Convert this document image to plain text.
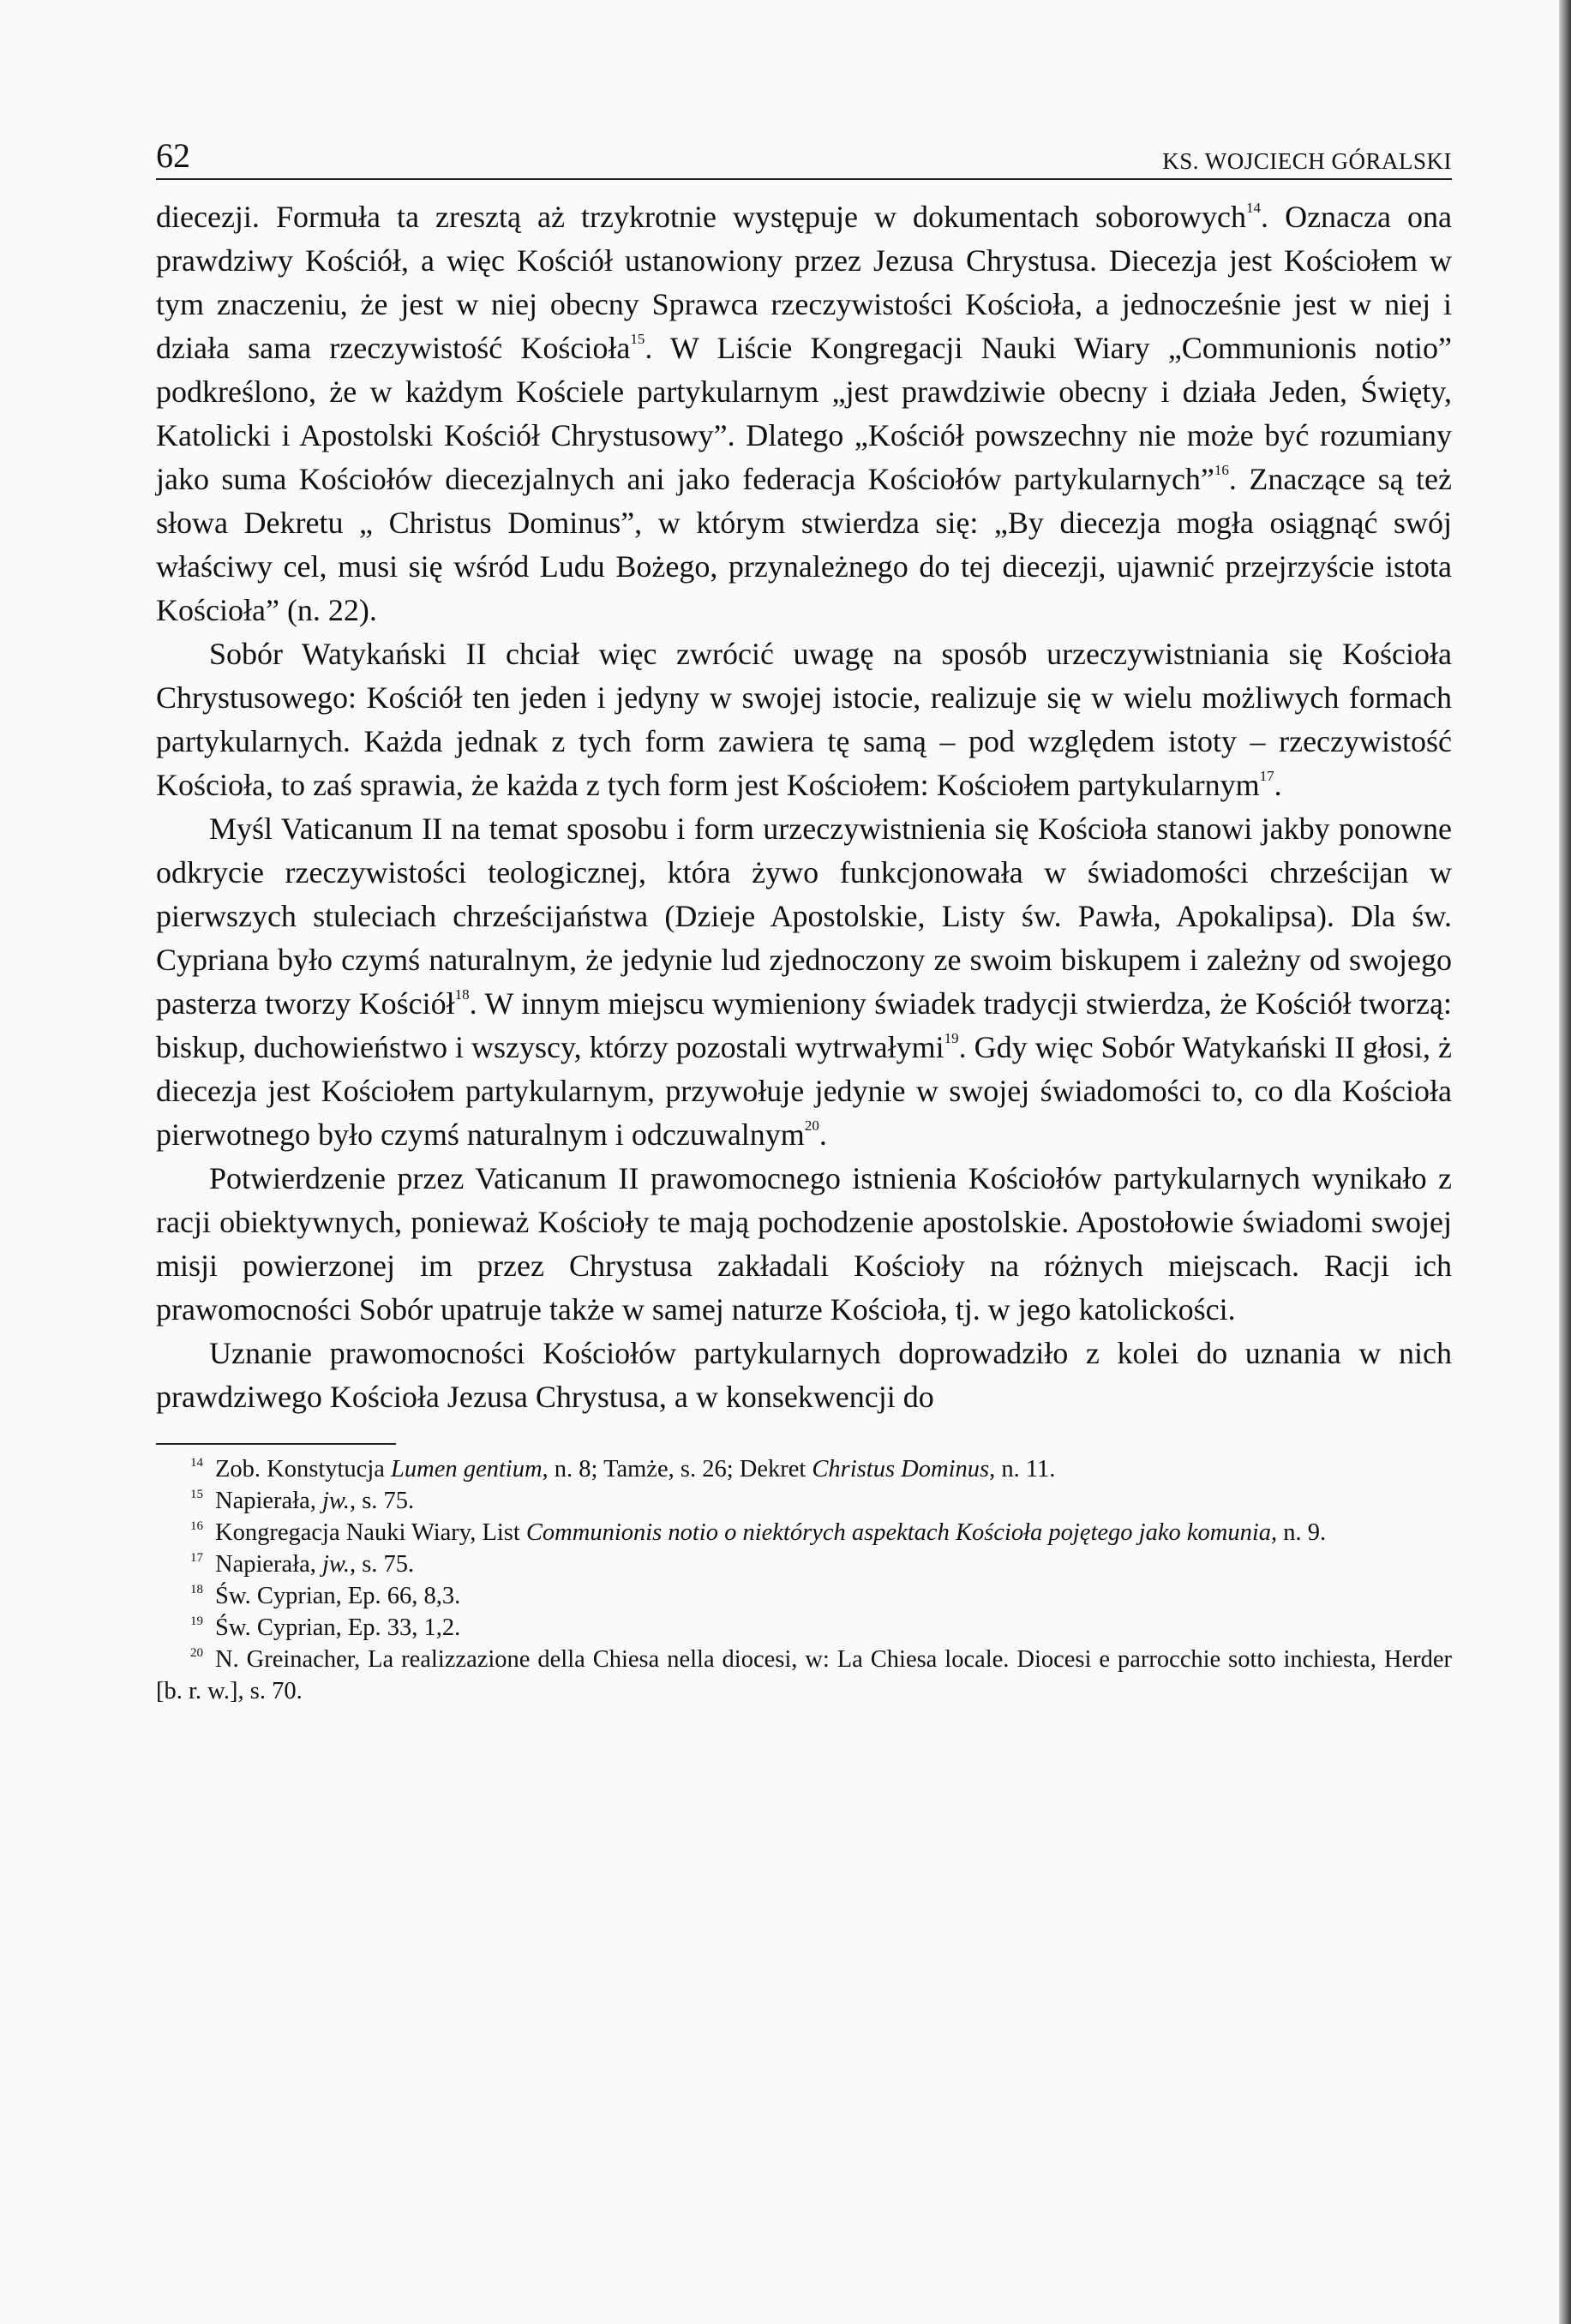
62	KS. WOJCIECH GÓRALSKI

diecezji. Formuła ta zresztą aż trzykrotnie występuje w dokumentach soborowych$^{14}$. Oznacza ona prawdziwy Kościół, a więc Kościół ustanowiony przez Jezusa Chrystusa. Diecezja jest Kościołem w tym znaczeniu, że jest w niej obecny Sprawca rzeczywistości Kościoła, a jednocześnie jest w niej i działa sama rzeczywistość Kościoła$^{15}$. W Liście Kongregacji Nauki Wiary „Communionis notio” podkreślono, że w każdym Kościele partykularnym „jest prawdziwie obecny i działa Jeden, Święty, Katolicki i Apostolski Kościół Chrystusowy”. Dlatego „Kościół powszechny nie może być rozumiany jako suma Kościołów diecezjalnych ani jako federacja Kościołów partykularnych”$^{16}$. Znaczące są też słowa Dekretu „ Christus Dominus”, w którym stwierdza się: „By diecezja mogła osiągnąć swój właściwy cel, musi się wśród Ludu Bożego, przynależnego do tej diecezji, ujawnić przejrzyście istota Kościoła” (n. 22).

Sobór Watykański II chciał więc zwrócić uwagę na sposób urzeczywistniania się Kościoła Chrystusowego: Kościół ten jeden i jedyny w swojej istocie, realizuje się w wielu możliwych formach partykularnych. Każda jednak z tych form zawiera tę samą – pod względem istoty – rzeczywistość Kościoła, to zaś sprawia, że każda z tych form jest Kościołem: Kościołem partykularnym$^{17}$.

Myśl Vaticanum II na temat sposobu i form urzeczywistnienia się Kościoła stanowi jakby ponowne odkrycie rzeczywistości teologicznej, która żywo funkcjonowała w świadomości chrześcijan w pierwszych stuleciach chrześcijaństwa (Dzieje Apostolskie, Listy św. Pawła, Apokalipsa). Dla św. Cypriana było czymś naturalnym, że jedynie lud zjednoczony ze swoim biskupem i zależny od swojego pasterza tworzy Kościół$^{18}$. W innym miejscu wymieniony świadek tradycji stwierdza, że Kościół tworzą: biskup, duchowieństwo i wszyscy, którzy pozostali wytrwałymi$^{19}$. Gdy więc Sobór Watykański II głosi, ż diecezja jest Kościołem partykularnym, przywołuje jedynie w swojej świadomości to, co dla Kościoła pierwotnego było czymś naturalnym i odczuwalnym$^{20}$.

Potwierdzenie przez Vaticanum II prawomocnego istnienia Kościołów partykularnych wynikało z racji obiektywnych, ponieważ Kościoły te mają pochodzenie apostolskie. Apostołowie świadomi swojej misji powierzonej im przez Chrystusa zakładali Kościoły na różnych miejscach. Racji ich prawomocności Sobór upatruje także w samej naturze Kościoła, tj. w jego katolickości.

Uznanie prawomocności Kościołów partykularnych doprowadziło z kolei do uznania w nich prawdziwego Kościoła Jezusa Chrystusa, a w konsekwencji do

$^{14}$ Zob. Konstytucja Lumen gentium, n. 8; Tamże, s. 26; Dekret Christus Dominus, n. 11.
$^{15}$ Napierała, jw., s. 75.
$^{16}$ Kongregacja Nauki Wiary, List Communionis notio o niektórych aspektach Kościoła pojętego jako komunia, n. 9.
$^{17}$ Napierała, jw., s. 75.
$^{18}$ Św. Cyprian, Ep. 66, 8,3.
$^{19}$ Św. Cyprian, Ep. 33, 1,2.
$^{20}$ N. Greinacher, La realizzazione della Chiesa nella diocesi, w: La Chiesa locale. Diocesi e parrocchie sotto inchiesta, Herder [b. r. w.], s. 70.
